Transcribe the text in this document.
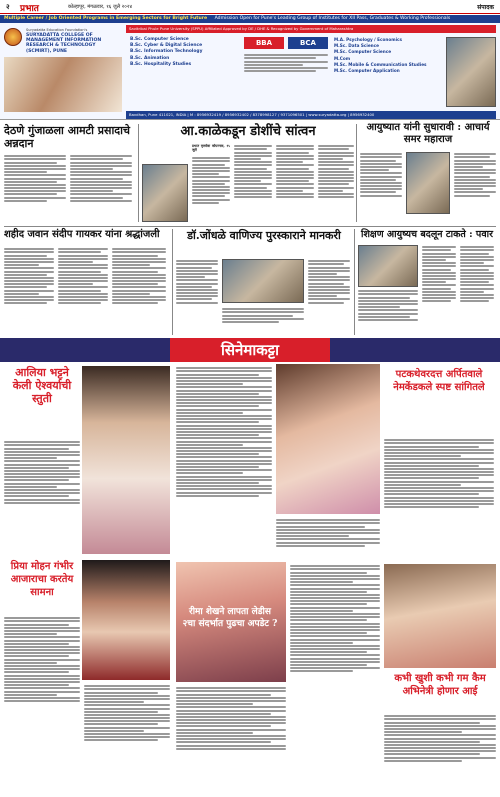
२ प्रभात	कोल्हापूर, मंगळवार, १६ जुलै २०२४	संपादक
Multiple Career / Job Oriented Programs in Emerging Sectors for Bright Future Admission Open for Pune's Leading Group of Institutes for XII Pass, Graduates & Working Professionals
Suryadatta Education Foundation's
SURYADATTA COLLEGE OF MANAGEMENT INFORMATION RESEARCH & TECHNOLOGY (SCMIRT), PUNE
Savitribai Phule Pune University (SPPU) Affiliated Approved by DE / DHE & Recognized by Government of Maharashtra
B.Sc. Computer Science
B.Sc. Cyber & Digital Science
B.Sc. Information Technology
B.Sc. Animation
B.Sc. Hospitality Studies
BBA	BCA	M.A. Psychology / Economics
M.Sc. Data Science
M.Sc. Computer Science
M.Com
M.Sc. Mobile & Communication Studies
M.Sc. Computer Application
Bavdhan, Pune 411021, INDIA | M : 8956932419 / 8956932402 / 8378998127 / 9371096501 | www.suryadatta.org | 8956932400
देठणे गुंजाळला आमटी प्रसादाचे अन्नदान
आ.काळेकडून डोशींचे सांत्वन
प्रभात वृत्तसेवा कोपरगाव, १५ जुलै
आयुष्यात यांनी सुधारावी : आचार्य समर महाराज
शहीद जवान संदीप गायकर यांना श्रद्धांजली	डॉ.जोंधळे वाणिज्य पुरस्काराने मानकरी	शिक्षण आयुष्यच बदलून टाकते : पवार
सिनेमाकट्टा
आलिया भट्टने केली ऐश्वर्याची स्तुती
प्रिया मोहन गंभीर आजाराचा करतेय सामना
पटकथेवरदत्त अर्पितवाले नेमकेंडकले स्पष्ट सांगितले
रीमा शेखने लापता लेडीस २चा संदर्भात पुढचा अपडेट ?
कभी खुशी कभी गम कैम अभिनेत्री होणार आई
